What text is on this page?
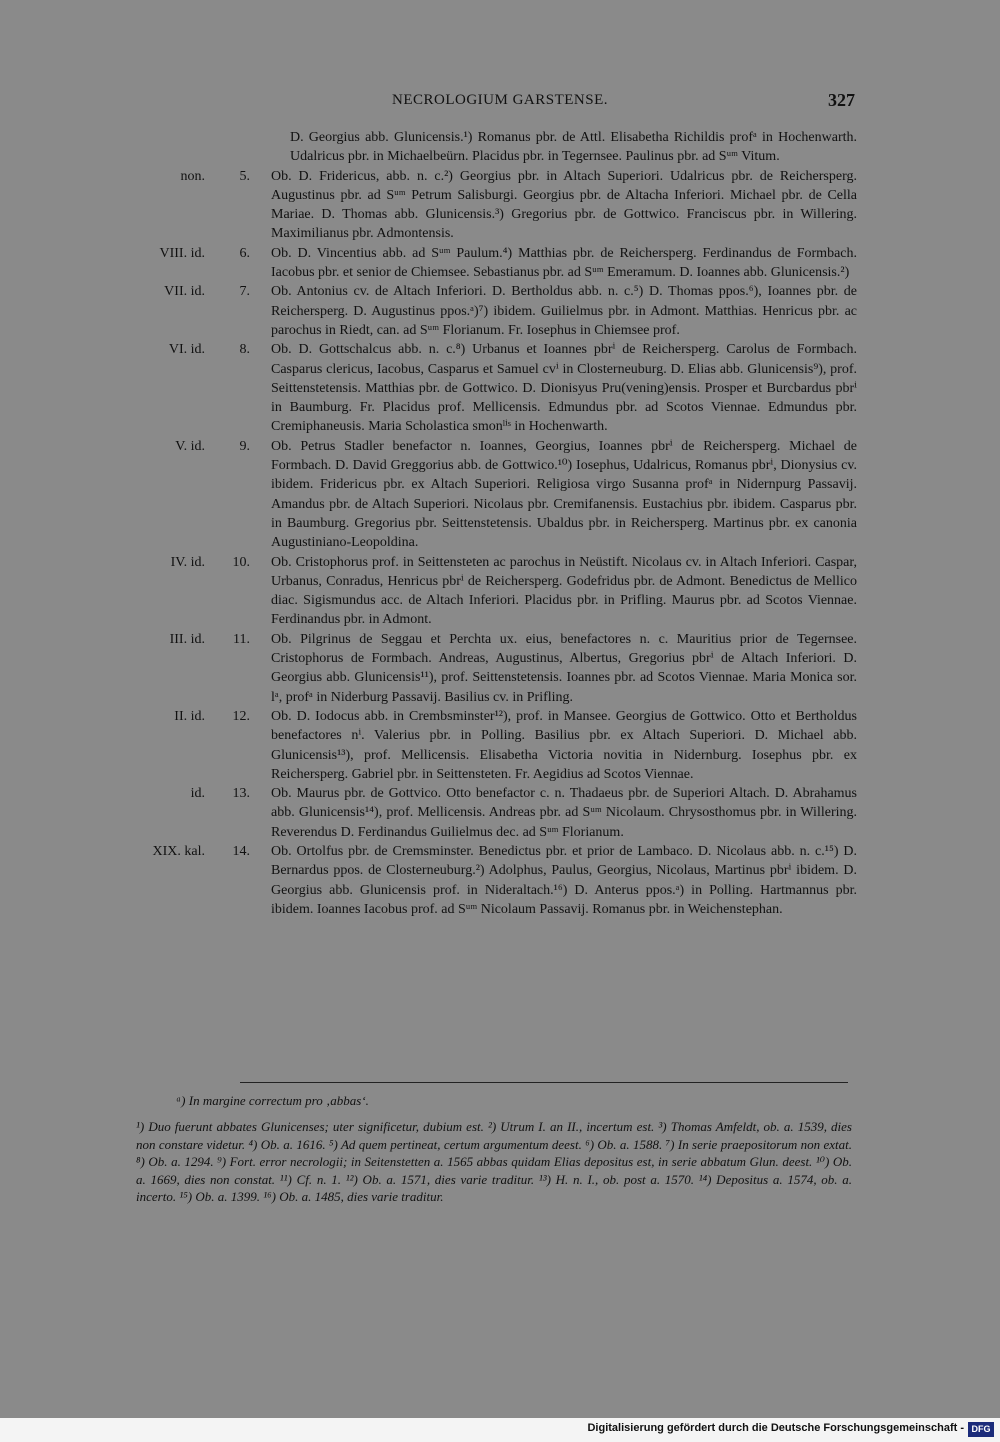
NECROLOGIUM GARSTENSE.	327
D. Georgius abb. Glunicensis.¹) Romanus pbr. de Attl. Elisabetha Richildis profᵃ in Hochenwarth. Udalricus pbr. in Michaelbeürn. Placidus pbr. in Tegernsee. Paulinus pbr. ad Sᵘᵐ Vitum.
non.	5. Ob. D. Fridericus, abb. n. c.²) Georgius pbr. in Altach Superiori. Udalricus pbr. de Reichersperg. Augustinus pbr. ad Sᵘᵐ Petrum Salisburgi. Georgius pbr. de Altacha Inferiori. Michael pbr. de Cella Mariae. D. Thomas abb. Glunicensis.³) Gregorius pbr. de Gottwico. Franciscus pbr. in Willering. Maximilianus pbr. Admontensis.
VIII. id.	6. Ob. D. Vincentius abb. ad Sᵘᵐ Paulum.⁴) Matthias pbr. de Reichersperg. Ferdinandus de Formbach. Iacobus pbr. et senior de Chiemsee. Sebastianus pbr. ad Sᵘᵐ Emeramum. D. Ioannes abb. Glunicensis.²)
VII. id.	7. Ob. Antonius cv. de Altach Inferiori. D. Bertholdus abb. n. c.⁵) D. Thomas ppos.⁶), Ioannes pbr. de Reichersperg. D. Augustinus ppos.ᵃ)⁷) ibidem. Guilielmus pbr. in Admont. Matthias. Henricus pbr. ac parochus in Riedt, can. ad Sᵘᵐ Florianum. Fr. Iosephus in Chiemsee prof.
VI. id.	8. Ob. D. Gottschalcus abb. n. c.⁸) Urbanus et Ioannes pbrⁱ de Reichersperg. Carolus de Formbach. Casparus clericus, Iacobus, Casparus et Samuel cvⁱ in Closterneuburg. D. Elias abb. Glunicensis⁹), prof. Seittenstetensis. Matthias pbr. de Gottwico. D. Dionisyus Pru(vening)ensis. Prosper et Burcbardus pbrⁱ in Baumburg. Fr. Placidus prof. Mellicensis. Edmundus pbr. ad Scotos Viennae. Edmundus pbr. Cremiphaneusis. Maria Scholastica smonˡⁱˢ in Hochenwarth.
V. id.	9. Ob. Petrus Stadler benefactor n. Ioannes, Georgius, Ioannes pbrⁱ de Reichersperg. Michael de Formbach. D. David Greggorius abb. de Gottwico.¹⁰) Iosephus, Udalricus, Romanus pbrⁱ, Dionysius cv. ibidem. Fridericus pbr. ex Altach Superiori. Religiosa virgo Susanna profᵃ in Nidernpurg Passavij. Amandus pbr. de Altach Superiori. Nicolaus pbr. Cremifanensis. Eustachius pbr. ibidem. Casparus pbr. in Baumburg. Gregorius pbr. Seittenstetensis. Ubaldus pbr. in Reichersperg. Martinus pbr. ex canonia Augustiniano-Leopoldina.
IV. id.	10. Ob. Cristophorus prof. in Seittensteten ac parochus in Neüstift. Nicolaus cv. in Altach Inferiori. Caspar, Urbanus, Conradus, Henricus pbrⁱ de Reichersperg. Godefridus pbr. de Admont. Benedictus de Mellico diac. Sigismundus acc. de Altach Inferiori. Placidus pbr. in Prifling. Maurus pbr. ad Scotos Viennae. Ferdinandus pbr. in Admont.
III. id.	11. Ob. Pilgrinus de Seggau et Perchta ux. eius, benefactores n. c. Mauritius prior de Tegernsee. Cristophorus de Formbach. Andreas, Augustinus, Albertus, Gregorius pbrⁱ de Altach Inferiori. D. Georgius abb. Glunicensis¹¹), prof. Seittenstetensis. Ioannes pbr. ad Scotos Viennae. Maria Monica sor. lᵃ, profᵃ in Niderburg Passavij. Basilius cv. in Prifling.
II. id.	12. Ob. D. Iodocus abb. in Crembsminster¹²), prof. in Mansee. Georgius de Gottwico. Otto et Bertholdus benefactores nⁱ. Valerius pbr. in Polling. Basilius pbr. ex Altach Superiori. D. Michael abb. Glunicensis¹³), prof. Mellicensis. Elisabetha Victoria novitia in Nidernburg. Iosephus pbr. ex Reichersperg. Gabriel pbr. in Seittensteten. Fr. Aegidius ad Scotos Viennae.
id.	13. Ob. Maurus pbr. de Gottvico. Otto benefactor c. n. Thadaeus pbr. de Superiori Altach. D. Abrahamus abb. Glunicensis¹⁴), prof. Mellicensis. Andreas pbr. ad Sᵘᵐ Nicolaum. Chrysosthomus pbr. in Willering. Reverendus D. Ferdinandus Guilielmus dec. ad Sᵘᵐ Florianum.
XIX. kal.	14. Ob. Ortolfus pbr. de Cremsminster. Benedictus pbr. et prior de Lambaco. D. Nicolaus abb. n. c.¹⁵) D. Bernardus ppos. de Closterneuburg.²) Adolphus, Paulus, Georgius, Nicolaus, Martinus pbrⁱ ibidem. D. Georgius abb. Glunicensis prof. in Nideraltach.¹⁶) D. Anterus ppos.ᵃ) in Polling. Hartmannus pbr. ibidem. Ioannes Iacobus prof. ad Sᵘᵐ Nicolaum Passavij. Romanus pbr. in Weichenstephan.
ᵃ) In margine correctum pro ‚abbas‘.
¹) Duo fuerunt abbates Glunicenses; uter significetur, dubium est. ²) Utrum I. an II., incertum est. ³) Thomas Amfeldt, ob. a. 1539, dies non constare videtur. ⁴) Ob. a. 1616. ⁵) Ad quem pertineat, certum argumentum deest. ⁶) Ob. a. 1588. ⁷) In serie praepositorum non extat. ⁸) Ob. a. 1294. ⁹) Fort. error necrologii; in Seitenstetten a. 1565 abbas quidam Elias depositus est, in serie abbatum Glun. deest. ¹⁰) Ob. a. 1669, dies non constat. ¹¹) Cf. n. 1. ¹²) Ob. a. 1571, dies varie traditur. ¹³) H. n. I., ob. post a. 1570. ¹⁴) Depositus a. 1574, ob. a. incerto. ¹⁵) Ob. a. 1399. ¹⁶) Ob. a. 1485, dies varie traditur.
Digitalisierung gefördert durch die Deutsche Forschungsgemeinschaft - DFG
